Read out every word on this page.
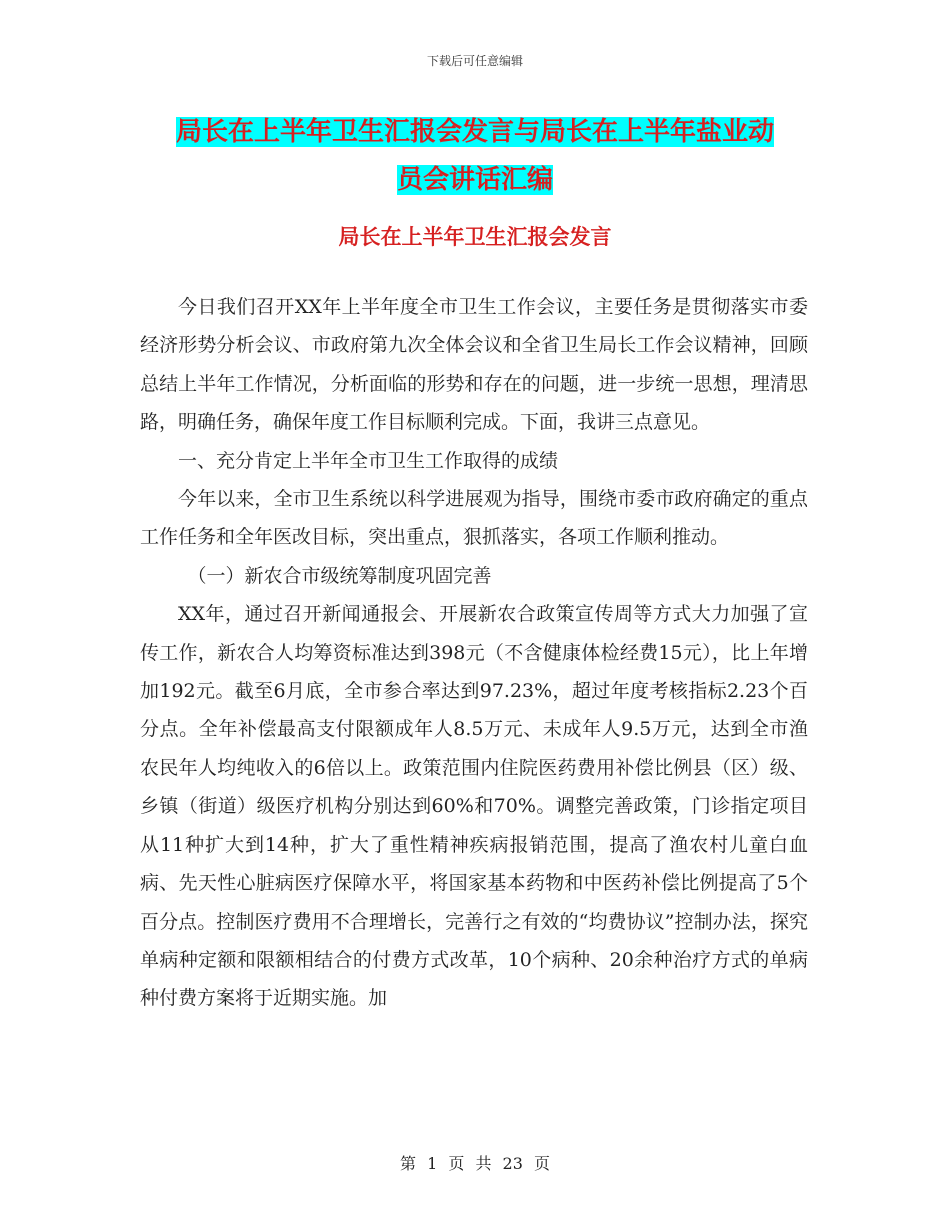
下载后可任意编辑
局长在上半年卫生汇报会发言与局长在上半年盐业动
员会讲话汇编
局长在上半年卫生汇报会发言

今日我们召开XX年上半年度全市卫生工作会议，主要任务是贯彻落实市委经济形势分析会议、市政府第九次全体会议和全省卫生局长工作会议精神，回顾总结上半年工作情况，分析面临的形势和存在的问题，进一步统一思想，理清思路，明确任务，确保年度工作目标顺利完成。下面，我讲三点意见。

一、充分肯定上半年全市卫生工作取得的成绩

今年以来，全市卫生系统以科学进展观为指导，围绕市委市政府确定的重点工作任务和全年医改目标，突出重点，狠抓落实，各项工作顺利推动。

（一）新农合市级统筹制度巩固完善

XX年，通过召开新闻通报会、开展新农合政策宣传周等方式大力加强了宣传工作，新农合人均筹资标准达到398元（不含健康体检经费15元），比上年增加192元。截至6月底，全市参合率达到97.23%，超过年度考核指标2.23个百分点。全年补偿最高支付限额成年人8.5万元、未成年人9.5万元，达到全市渔农民年人均纯收入的6倍以上。政策范围内住院医药费用补偿比例县（区）级、乡镇（街道）级医疗机构分别达到60%和70%。调整完善政策，门诊指定项目从11种扩大到14种，扩大了重性精神疾病报销范围，提高了渔农村儿童白血病、先天性心脏病医疗保障水平，将国家基本药物和中医药补偿比例提高了5个百分点。控制医疗费用不合理增长，完善行之有效的“均费协议”控制办法，探究单病种定额和限额相结合的付费方式改革，10个病种、20余种治疗方式的单病种付费方案将于近期实施。加

第 1 页 共 23 页
